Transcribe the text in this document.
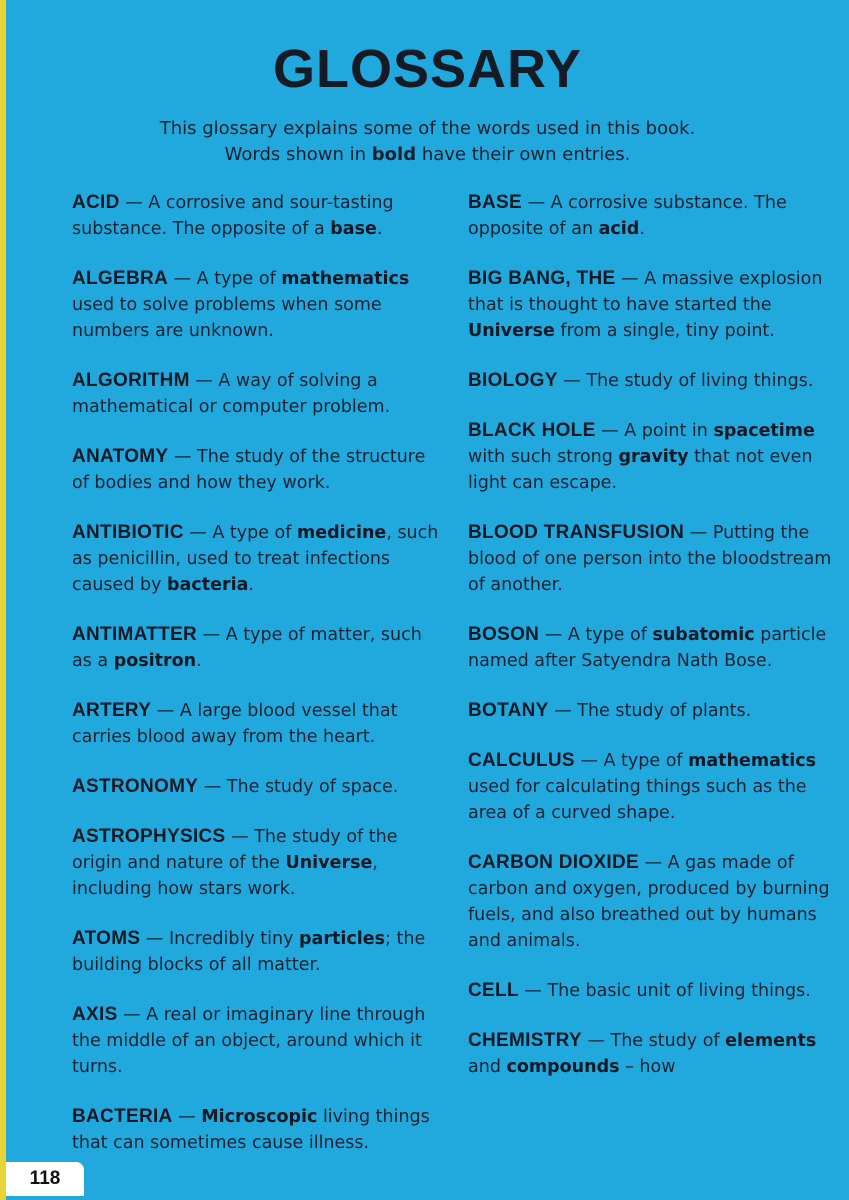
GLOSSARY
This glossary explains some of the words used in this book.
Words shown in bold have their own entries.

ACID — A corrosive and sour-tasting substance. The opposite of a base.

ALGEBRA — A type of mathematics used to solve problems when some numbers are unknown.

ALGORITHM — A way of solving a mathematical or computer problem.

ANATOMY — The study of the structure of bodies and how they work.

ANTIBIOTIC — A type of medicine, such as penicillin, used to treat infections caused by bacteria.

ANTIMATTER — A type of matter, such as a positron.

ARTERY — A large blood vessel that carries blood away from the heart.

ASTRONOMY — The study of space.

ASTROPHYSICS — The study of the origin and nature of the Universe, including how stars work.

ATOMS — Incredibly tiny particles; the building blocks of all matter.

AXIS — A real or imaginary line through the middle of an object, around which it turns.

BACTERIA — Microscopic living things that can sometimes cause illness.

BASE — A corrosive substance. The opposite of an acid.

BIG BANG, THE — A massive explosion that is thought to have started the Universe from a single, tiny point.

BIOLOGY — The study of living things.

BLACK HOLE — A point in spacetime with such strong gravity that not even light can escape.

BLOOD TRANSFUSION — Putting the blood of one person into the bloodstream of another.

BOSON — A type of subatomic particle named after Satyendra Nath Bose.

BOTANY — The study of plants.

CALCULUS — A type of mathematics used for calculating things such as the area of a curved shape.

CARBON DIOXIDE — A gas made of carbon and oxygen, produced by burning fuels, and also breathed out by humans and animals.

CELL — The basic unit of living things.

CHEMISTRY — The study of elements and compounds – how

118
